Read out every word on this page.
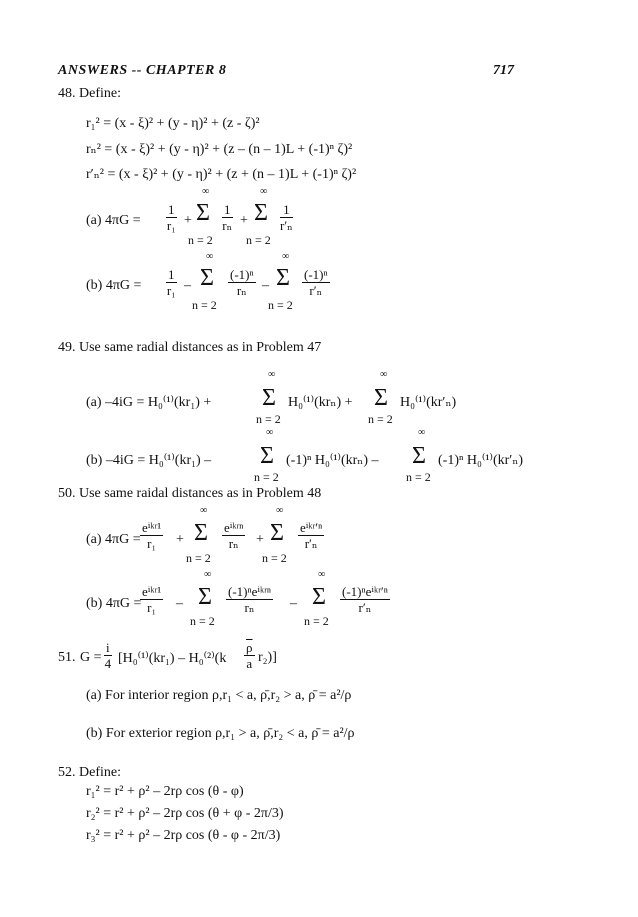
ANSWERS -- CHAPTER 8	717
48. Define:
r₁² = (x - ξ)² + (y - η)² + (z - ζ)²
rₙ² = (x - ξ)² + (y - η)² + (z – (n – 1)L + (-1)ⁿ ζ)²
r′ₙ² = (x - ξ)² + (y - η)² + (z + (n – 1)L + (-1)ⁿ ζ)²
(a) $4\pi G = \frac{1}{\text{r₁}}$ +
∞
Σ
n = 2
$\frac{1}{\text{rₙ}}$ +
∞
Σ
n = 2
$\frac{1}{\text{r′ₙ}}$
(b) $4\pi G = \frac{1}{\text{r₁}}$ –
∞
Σ
n = 2
$\frac{\text{(-1)ⁿ}}{\text{rₙ}}$ –
∞
Σ
n = 2
$\frac{\text{(-1)ⁿ}}{\text{r′ₙ}}$
49. Use same radial distances as in Problem 47
(a) –4iG = H₀⁽¹⁾(kr₁) +
∞
Σ
n = 2
H₀⁽¹⁾(krₙ) +
∞
Σ
n = 2
H₀⁽¹⁾(kr′ₙ)
(b) –4iG = H₀⁽¹⁾(kr₁) –
∞
Σ
n = 2
(-1)ⁿ H₀⁽¹⁾(krₙ) –
∞
Σ
n = 2
(-1)ⁿ H₀⁽¹⁾(kr′ₙ)
50. Use same raidal distances as in Problem 48
(a) 4πG =
eⁱᵏʳ¹
r₁	+
∞
Σ
n = 2
eⁱᵏʳⁿ
rₙ	+
∞
Σ
n = 2
eⁱᵏʳ′ⁿ
r′ₙ
(b) 4πG =
eⁱᵏʳ¹
r₁	–
∞
Σ
n = 2
(-1)ⁿeⁱᵏʳⁿ
rₙ	–
∞
Σ
n = 2
(-1)ⁿeⁱᵏʳ′ⁿ
r′ₙ
51. $G = \frac{i}{4} [H_0^{(1)}(kr_1) - H_0^{(2)}(k \frac{\overline{\rho}}{a} r_2)]$
(a) For interior region ρ,r₁ < a, ρ̄,r₂ > a, ρ̄ = a²/ρ
(b) For exterior region ρ,r₁ > a, ρ̄,r₂ < a, ρ̄ = a²/ρ
52. Define:
r₁² = r² + ρ² – 2rρ cos (θ - φ)
r₂² = r² + ρ² – 2rρ cos (θ + φ - 2π/3)
r₃² = r² + ρ² – 2rρ cos (θ - φ - 2π/3)
